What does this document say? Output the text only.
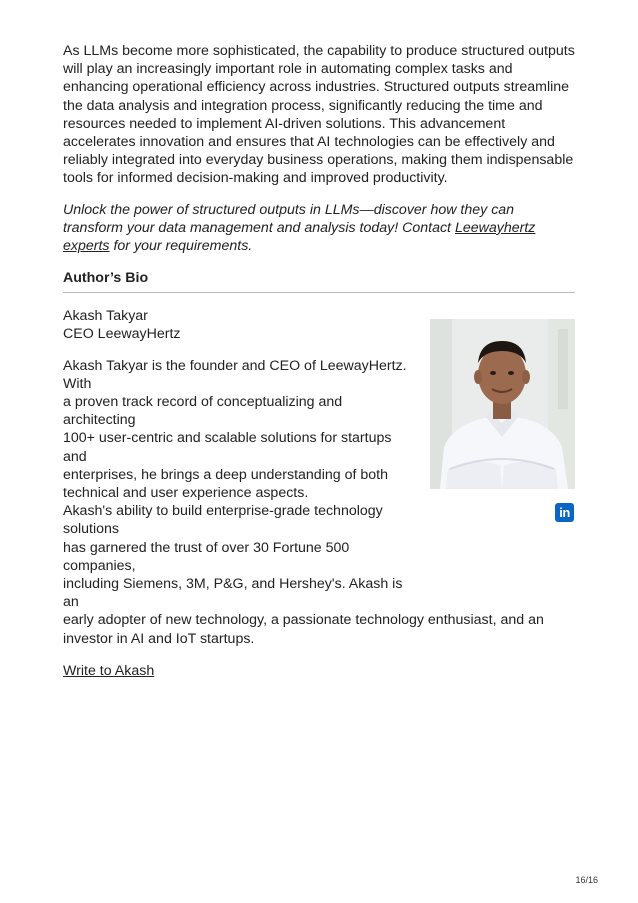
As LLMs become more sophisticated, the capability to produce structured outputs will play an increasingly important role in automating complex tasks and enhancing operational efficiency across industries. Structured outputs streamline the data analysis and integration process, significantly reducing the time and resources needed to implement AI-driven solutions. This advancement accelerates innovation and ensures that AI technologies can be effectively and reliably integrated into everyday business operations, making them indispensable tools for informed decision-making and improved productivity.

Unlock the power of structured outputs in LLMs—discover how they can transform your data management and analysis today! Contact Leewayhertz experts for your requirements.

Author’s Bio
Akash Takyar
CEO LeewayHertz
Akash Takyar is the founder and CEO of LeewayHertz. With
a proven track record of conceptualizing and architecting
100+ user-centric and scalable solutions for startups and
enterprises, he brings a deep understanding of both
technical and user experience aspects.
Akash's ability to build enterprise-grade technology solutions
has garnered the trust of over 30 Fortune 500 companies,
including Siemens, 3M, P&G, and Hershey's. Akash is an
early adopter of new technology, a passionate technology enthusiast, and an
investor in AI and IoT startups.
in
Write to Akash
16/16
